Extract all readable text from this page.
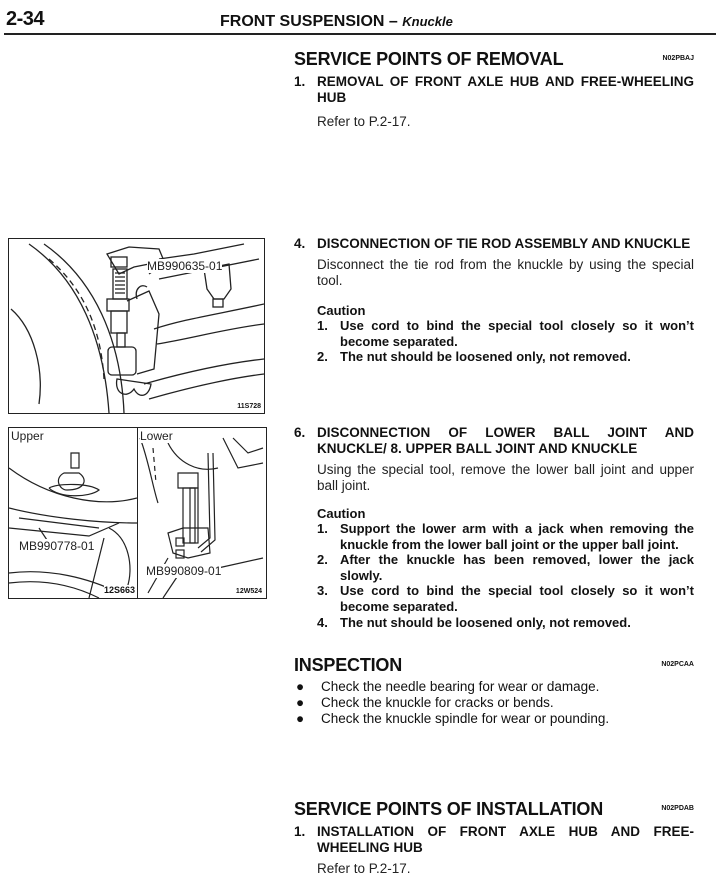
2-34	FRONT SUSPENSION – Knuckle
SERVICE POINTS OF REMOVAL	N02PBAJ
1. REMOVAL OF FRONT AXLE HUB AND FREE-WHEELING HUB
Refer to P.2-17.
4. DISCONNECTION OF TIE ROD ASSEMBLY AND KNUCKLE
Disconnect the tie rod from the knuckle by using the special tool.
Caution
1. Use cord to bind the special tool closely so it won’t become separated.
2. The nut should be loosened only, not removed.
6. DISCONNECTION OF LOWER BALL JOINT AND KNUCKLE/ 8. UPPER BALL JOINT AND KNUCKLE
Using the special tool, remove the lower ball joint and upper ball joint.
Caution
1. Support the lower arm with a jack when removing the knuckle from the lower ball joint or the upper ball joint.
2. After the knuckle has been removed, lower the jack slowly.
3. Use cord to bind the special tool closely so it won’t become separated.
4. The nut should be loosened only, not removed.
INSPECTION	N02PCAA
●	Check the needle bearing for wear or damage.
●	Check the knuckle for cracks or bends.
●	Check the knuckle spindle for wear or pounding.
SERVICE POINTS OF INSTALLATION	N02PDAB
1. INSTALLATION OF FRONT AXLE HUB AND FREE-WHEELING HUB
Refer to P.2-17.
MB990635-01
11S728
Upper
MB990778-01
12S663
Lower
MB990809-01
12W524
